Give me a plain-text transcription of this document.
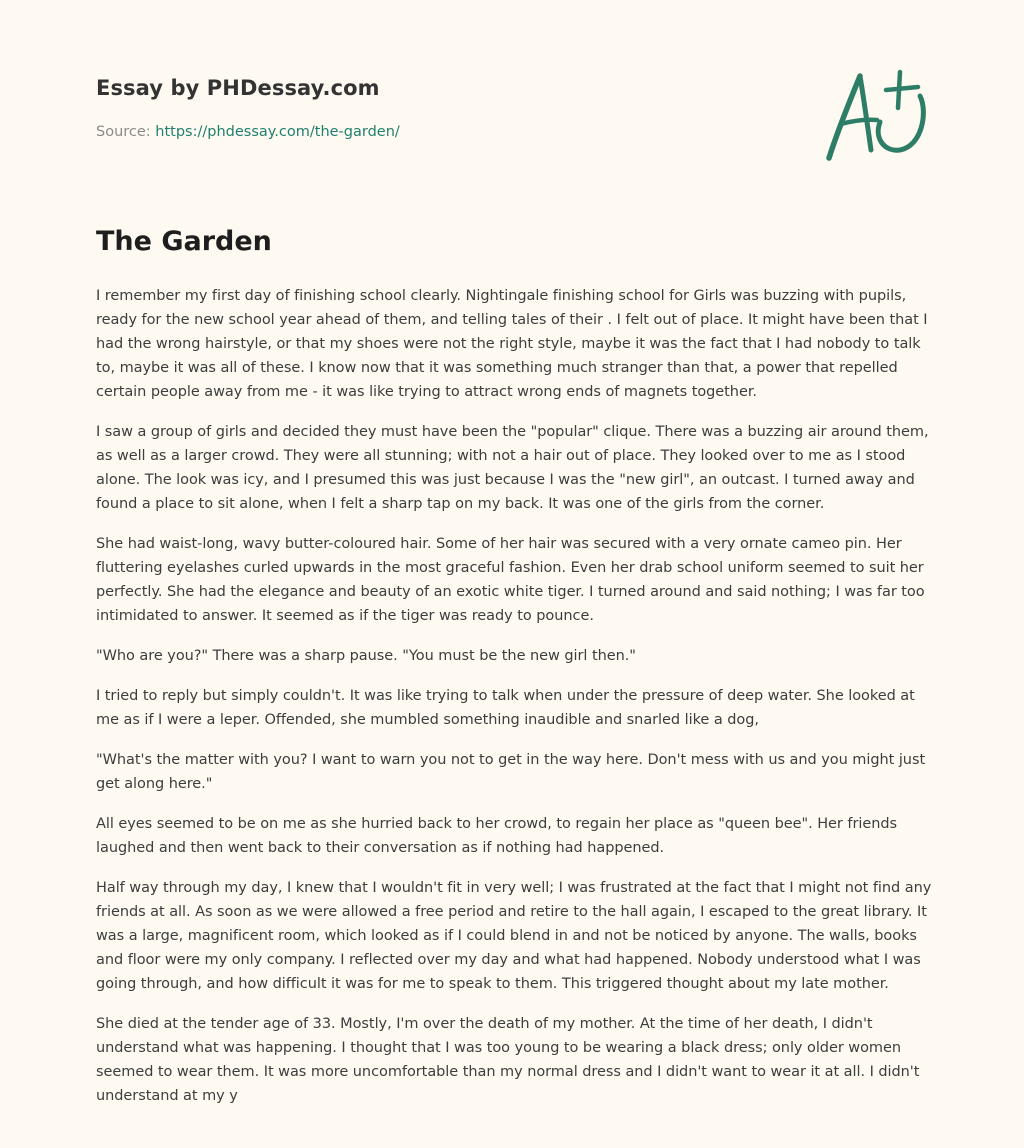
Essay by PHDessay.com
Source: https://phdessay.com/the-garden/
The Garden

I remember my first day of finishing school clearly. Nightingale finishing school for Girls was buzzing with pupils, ready for the new school year ahead of them, and telling tales of their . I felt out of place. It might have been that I had the wrong hairstyle, or that my shoes were not the right style, maybe it was the fact that I had nobody to talk to, maybe it was all of these. I know now that it was something much stranger than that, a power that repelled certain people away from me - it was like trying to attract wrong ends of magnets together.

I saw a group of girls and decided they must have been the "popular" clique. There was a buzzing air around them, as well as a larger crowd. They were all stunning; with not a hair out of place. They looked over to me as I stood alone. The look was icy, and I presumed this was just because I was the "new girl", an outcast. I turned away and found a place to sit alone, when I felt a sharp tap on my back. It was one of the girls from the corner.

She had waist-long, wavy butter-coloured hair. Some of her hair was secured with a very ornate cameo pin. Her fluttering eyelashes curled upwards in the most graceful fashion. Even her drab school uniform seemed to suit her perfectly. She had the elegance and beauty of an exotic white tiger. I turned around and said nothing; I was far too intimidated to answer. It seemed as if the tiger was ready to pounce.

"Who are you?" There was a sharp pause. "You must be the new girl then."

I tried to reply but simply couldn't. It was like trying to talk when under the pressure of deep water. She looked at me as if I were a leper. Offended, she mumbled something inaudible and snarled like a dog,

"What's the matter with you? I want to warn you not to get in the way here. Don't mess with us and you might just get along here."

All eyes seemed to be on me as she hurried back to her crowd, to regain her place as "queen bee". Her friends laughed and then went back to their conversation as if nothing had happened.

Half way through my day, I knew that I wouldn't fit in very well; I was frustrated at the fact that I might not find any friends at all. As soon as we were allowed a free period and retire to the hall again, I escaped to the great library. It was a large, magnificent room, which looked as if I could blend in and not be noticed by anyone. The walls, books and floor were my only company. I reflected over my day and what had happened. Nobody understood what I was going through, and how difficult it was for me to speak to them. This triggered thought about my late mother.

She died at the tender age of 33. Mostly, I'm over the death of my mother. At the time of her death, I didn't understand what was happening. I thought that I was too young to be wearing a black dress; only older women seemed to wear them. It was more uncomfortable than my normal dress and I didn't want to wear it at all. I didn't understand at my y
